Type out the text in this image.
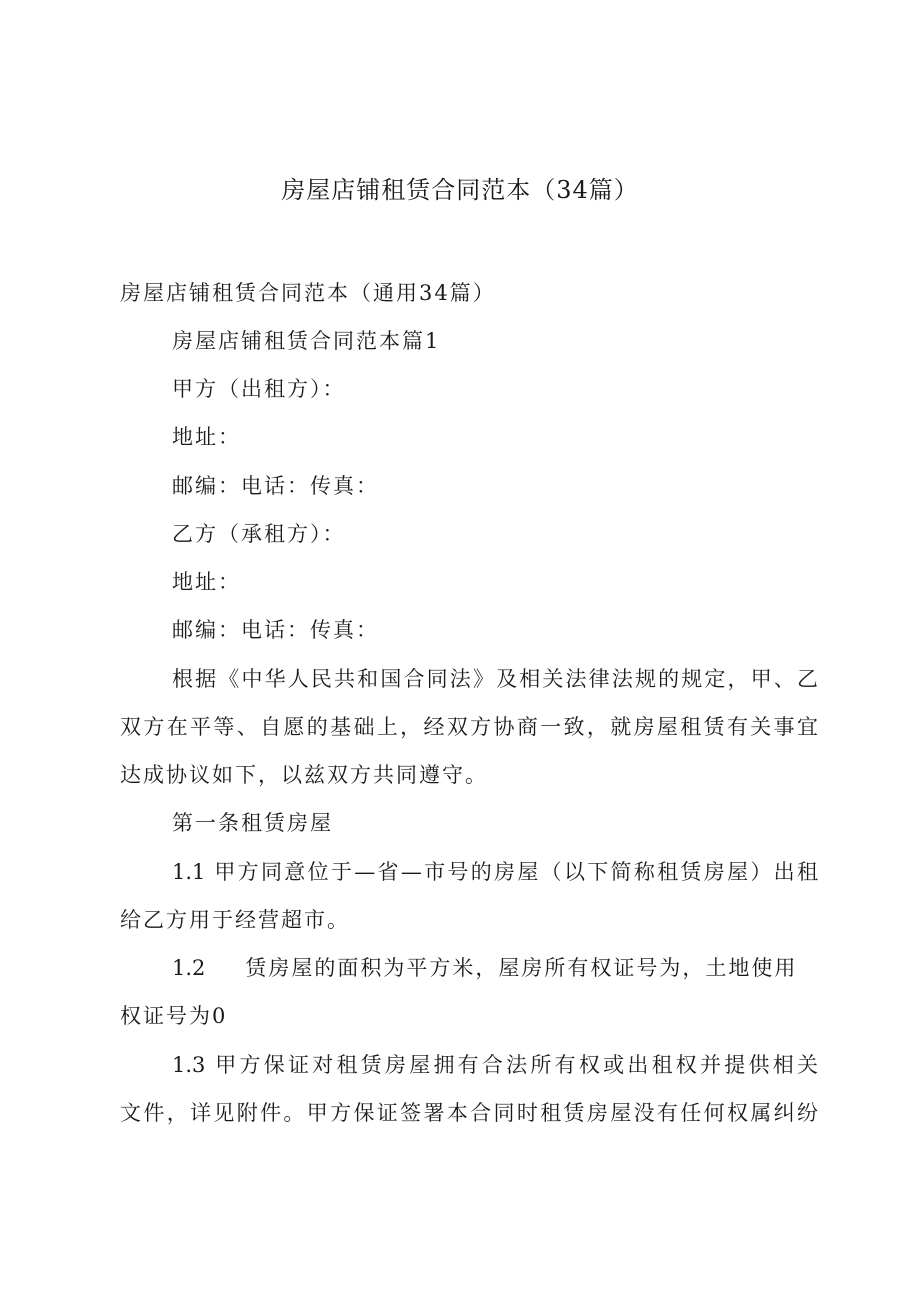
房屋店铺租赁合同范本（34篇）
房屋店铺租赁合同范本（通用34篇）
房屋店铺租赁合同范本篇1
甲方（出租方）：
地址：
邮编：电话：传真：
乙方（承租方）：
地址：
邮编：电话：传真：
根据《中华人民共和国合同法》及相关法律法规的规定，甲、乙
双方在平等、自愿的基础上，经双方协商一致，就房屋租赁有关事宜
达成协议如下，以兹双方共同遵守。
第一条租赁房屋
1.1 甲方同意位于—省—市号的房屋（以下简称租赁房屋）出租
给乙方用于经营超市。
1.2 赁房屋的面积为平方米，屋房所有权证号为，土地使用
权证号为0
1.3 甲方保证对租赁房屋拥有合法所有权或出租权并提供相关
文件，详见附件。甲方保证签署本合同时租赁房屋没有任何权属纠纷
